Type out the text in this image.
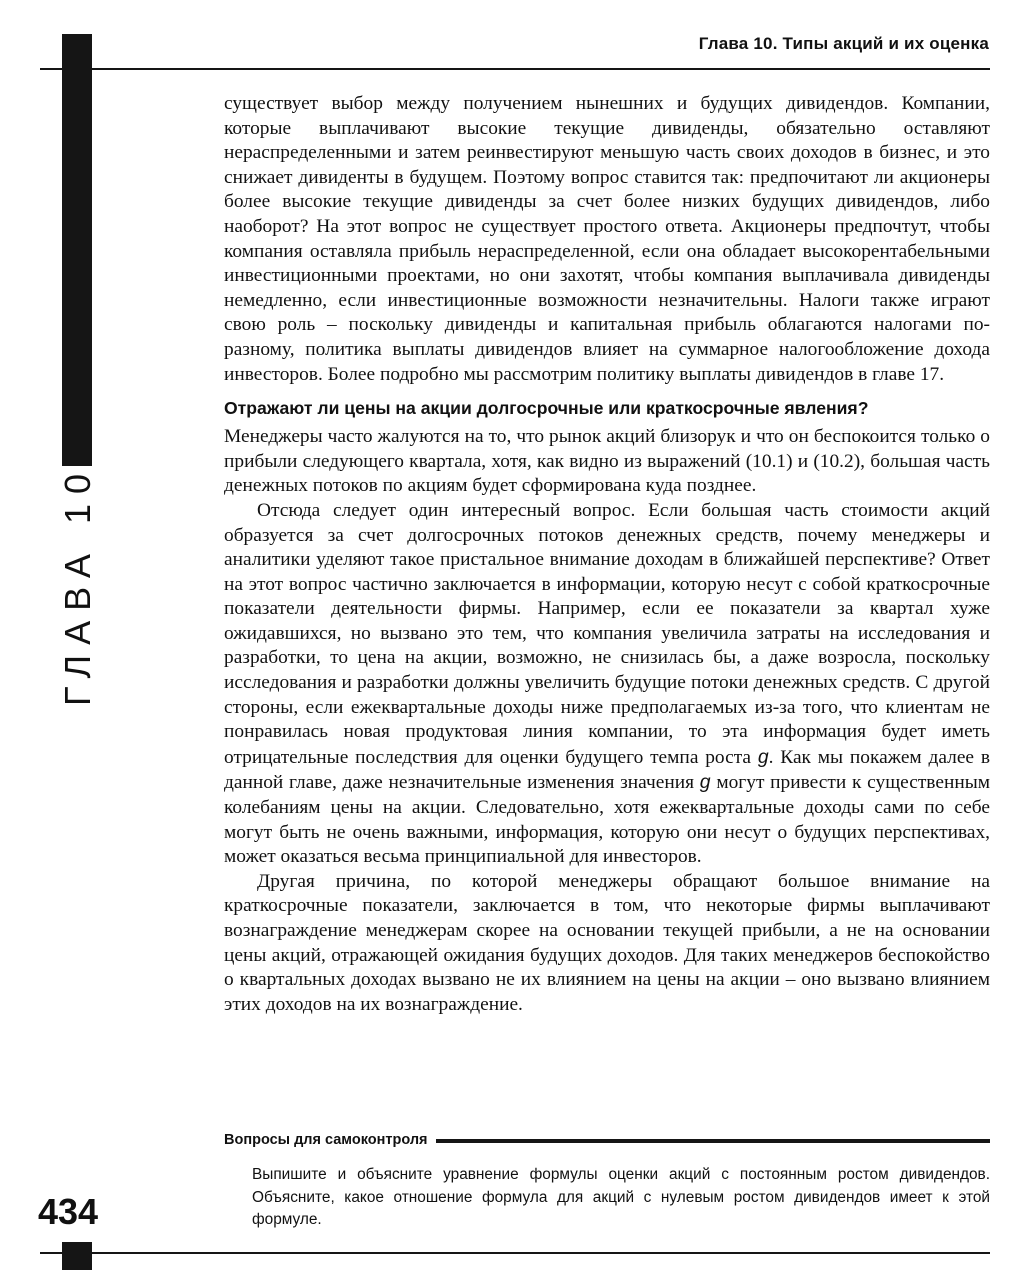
Глава 10. Типы акций и их оценка
ГЛАВА 10

существует выбор между получением нынешних и будущих дивидендов. Компании, которые выплачивают высокие текущие дивиденды, обязательно оставляют нераспределенными и затем реинвестируют меньшую часть своих доходов в бизнес, и это снижает дивиденты в будущем. Поэтому вопрос ставится так: предпочитают ли акционеры более высокие текущие дивиденды за счет более низких будущих дивидендов, либо наоборот? На этот вопрос не существует простого ответа. Акционеры предпочтут, чтобы компания оставляла прибыль нераспределенной, если она обладает высокорентабельными инвестиционными проектами, но они захотят, чтобы компания выплачивала дивиденды немедленно, если инвестиционные возможности незначительны. Налоги также играют свою роль – поскольку дивиденды и капитальная прибыль облагаются налогами по-разному, политика выплаты дивидендов влияет на суммарное налогообложение дохода инвесторов. Более подробно мы рассмотрим политику выплаты дивидендов в главе 17.

Отражают ли цены на акции долгосрочные или краткосрочные явления?

Менеджеры часто жалуются на то, что рынок акций близорук и что он беспокоится только о прибыли следующего квартала, хотя, как видно из выражений (10.1) и (10.2), большая часть денежных потоков по акциям будет сформирована куда позднее.

Отсюда следует один интересный вопрос. Если большая часть стоимости акций образуется за счет долгосрочных потоков денежных средств, почему менеджеры и аналитики уделяют такое пристальное внимание доходам в ближайшей перспективе? Ответ на этот вопрос частично заключается в информации, которую несут с собой краткосрочные показатели деятельности фирмы. Например, если ее показатели за квартал хуже ожидавшихся, но вызвано это тем, что компания увеличила затраты на исследования и разработки, то цена на акции, возможно, не снизилась бы, а даже возросла, поскольку исследования и разработки должны увеличить будущие потоки денежных средств. С другой стороны, если ежеквартальные доходы ниже предполагаемых из-за того, что клиентам не понравилась новая продуктовая линия компании, то эта информация будет иметь отрицательные последствия для оценки будущего темпа роста g. Как мы покажем далее в данной главе, даже незначительные изменения значения g могут привести к существенным колебаниям цены на акции. Следовательно, хотя ежеквартальные доходы сами по себе могут быть не очень важными, информация, которую они несут о будущих перспективах, может оказаться весьма принципиальной для инвесторов.

Другая причина, по которой менеджеры обращают большое внимание на краткосрочные показатели, заключается в том, что некоторые фирмы выплачивают вознаграждение менеджерам скорее на основании текущей прибыли, а не на основании цены акций, отражающей ожидания будущих доходов. Для таких менеджеров беспокойство о квартальных доходах вызвано не их влиянием на цены на акции – оно вызвано влиянием этих доходов на их вознаграждение.

Вопросы для самоконтроля

Выпишите и объясните уравнение формулы оценки акций с постоянным ростом дивидендов. Объясните, какое отношение формула для акций с нулевым ростом дивидендов имеет к этой формуле.

434
